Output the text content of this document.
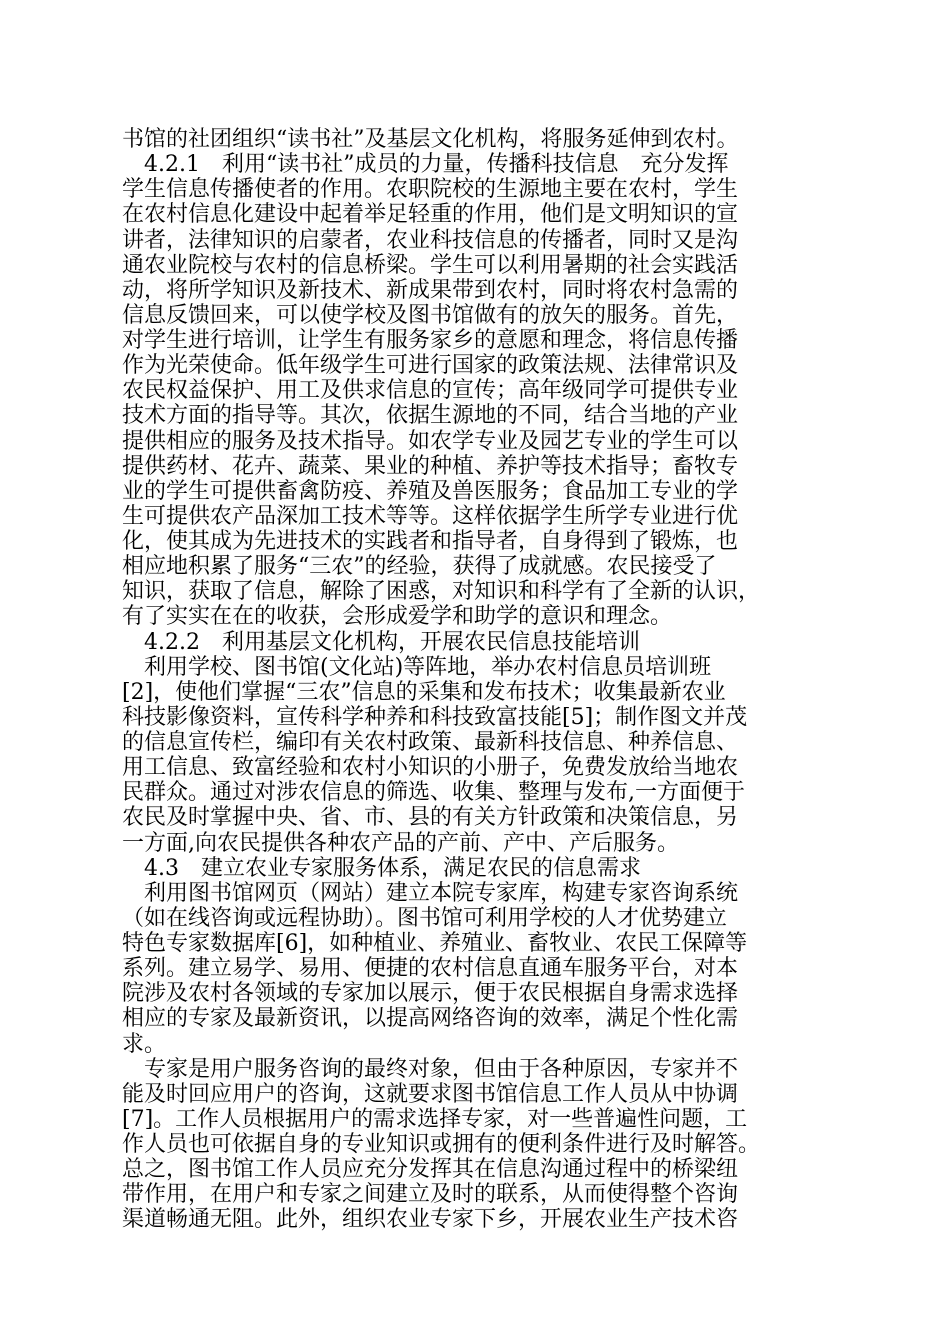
书馆的社团组织“读书社”及基层文化机构，将服务延伸到农村。
　4.2.1　利用“读书社”成员的力量，传播科技信息　充分发挥
学生信息传播使者的作用。农职院校的生源地主要在农村，学生
在农村信息化建设中起着举足轻重的作用，他们是文明知识的宣
讲者，法律知识的启蒙者，农业科技信息的传播者，同时又是沟
通农业院校与农村的信息桥梁。学生可以利用暑期的社会实践活
动，将所学知识及新技术、新成果带到农村，同时将农村急需的
信息反馈回来，可以使学校及图书馆做有的放矢的服务。首先，
对学生进行培训，让学生有服务家乡的意愿和理念，将信息传播
作为光荣使命。低年级学生可进行国家的政策法规、法律常识及
农民权益保护、用工及供求信息的宣传；高年级同学可提供专业
技术方面的指导等。其次，依据生源地的不同，结合当地的产业
提供相应的服务及技术指导。如农学专业及园艺专业的学生可以
提供药材、花卉、蔬菜、果业的种植、养护等技术指导；畜牧专
业的学生可提供畜禽防疫、养殖及兽医服务；食品加工专业的学
生可提供农产品深加工技术等等。这样依据学生所学专业进行优
化，使其成为先进技术的实践者和指导者，自身得到了锻炼，也
相应地积累了服务“三农”的经验，获得了成就感。农民接受了
知识，获取了信息，解除了困惑，对知识和科学有了全新的认识，
有了实实在在的收获，会形成爱学和助学的意识和理念。
　4.2.2　利用基层文化机构，开展农民信息技能培训
　利用学校、图书馆(文化站)等阵地，举办农村信息员培训班
[2]，使他们掌握“三农”信息的采集和发布技术；收集最新农业
科技影像资料，宣传科学种养和科技致富技能[5]；制作图文并茂
的信息宣传栏，编印有关农村政策、最新科技信息、种养信息、
用工信息、致富经验和农村小知识的小册子，免费发放给当地农
民群众。通过对涉农信息的筛选、收集、整理与发布,一方面便于
农民及时掌握中央、省、市、县的有关方针政策和决策信息，另
一方面,向农民提供各种农产品的产前、产中、产后服务。
　4.3　建立农业专家服务体系，满足农民的信息需求
　利用图书馆网页（网站）建立本院专家库，构建专家咨询系统
（如在线咨询或远程协助）。图书馆可利用学校的人才优势建立
特色专家数据库[6]，如种植业、养殖业、畜牧业、农民工保障等
系列。建立易学、易用、便捷的农村信息直通车服务平台，对本
院涉及农村各领域的专家加以展示，便于农民根据自身需求选择
相应的专家及最新资讯，以提高网络咨询的效率，满足个性化需
求。
　专家是用户服务咨询的最终对象，但由于各种原因，专家并不
能及时回应用户的咨询，这就要求图书馆信息工作人员从中协调
[7]。工作人员根据用户的需求选择专家，对一些普遍性问题，工
作人员也可依据自身的专业知识或拥有的便利条件进行及时解答。
总之，图书馆工作人员应充分发挥其在信息沟通过程中的桥梁纽
带作用，在用户和专家之间建立及时的联系，从而使得整个咨询
渠道畅通无阻。此外，组织农业专家下乡，开展农业生产技术咨
